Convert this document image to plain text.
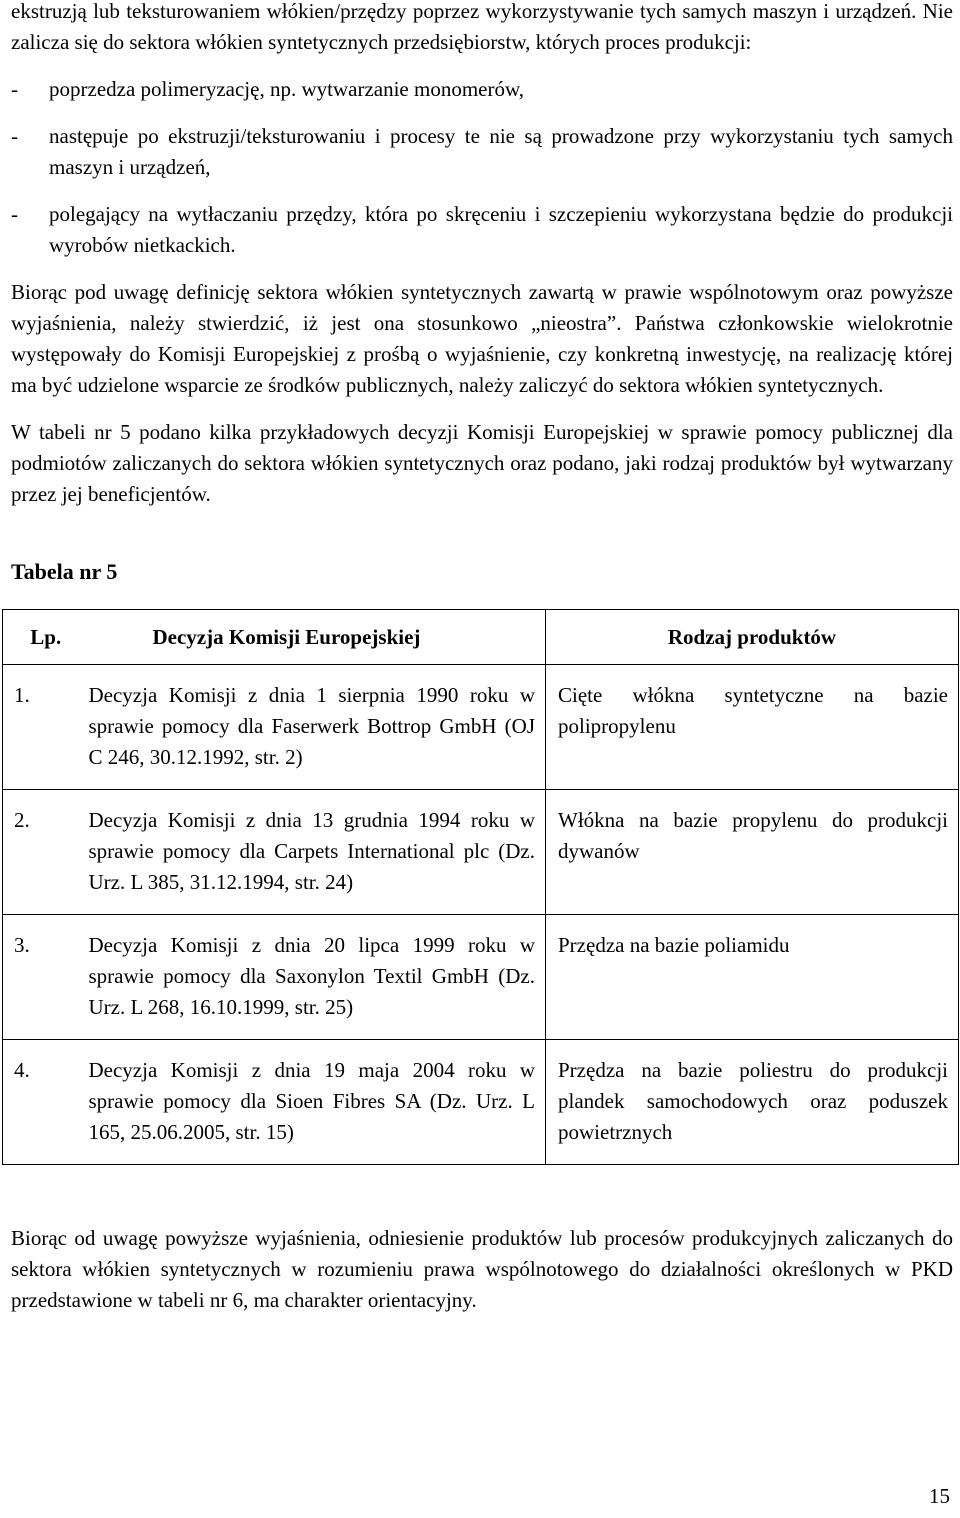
ekstruzją lub teksturowaniem włókien/przędzy poprzez wykorzystywanie tych samych maszyn i urządzeń. Nie zalicza się do sektora włókien syntetycznych przedsiębiorstw, których proces produkcji:

-	poprzedza polimeryzację, np. wytwarzanie monomerów,
-	następuje po ekstruzji/teksturowaniu i procesy te nie są prowadzone przy wykorzystaniu tych samych maszyn i urządzeń,
-	polegający na wytłaczaniu przędzy, która po skręceniu i szczepieniu wykorzystana będzie do produkcji wyrobów nietkackich.

Biorąc pod uwagę definicję sektora włókien syntetycznych zawartą w prawie wspólnotowym oraz powyższe wyjaśnienia, należy stwierdzić, iż jest ona stosunkowo „nieostra”. Państwa członkowskie wielokrotnie występowały do Komisji Europejskiej z prośbą o wyjaśnienie, czy konkretną inwestycję, na realizację której ma być udzielone wsparcie ze środków publicznych, należy zaliczyć do sektora włókien syntetycznych.

W tabeli nr 5 podano kilka przykładowych decyzji Komisji Europejskiej w sprawie pomocy publicznej dla podmiotów zaliczanych do sektora włókien syntetycznych oraz podano, jaki rodzaj produktów był wytwarzany przez jej beneficjentów.

Tabela nr 5

Lp.	Decyzja Komisji Europejskiej	Rodzaj produktów
1.	Decyzja Komisji z dnia 1 sierpnia 1990 roku w sprawie pomocy dla Faserwerk Bottrop GmbH (OJ C 246, 30.12.1992, str. 2)	Cięte włókna syntetyczne na bazie polipropylenu
2.	Decyzja Komisji z dnia 13 grudnia 1994 roku w sprawie pomocy dla Carpets International plc (Dz. Urz. L 385, 31.12.1994, str. 24)	Włókna na bazie propylenu do produkcji dywanów
3.	Decyzja Komisji z dnia 20 lipca 1999 roku w sprawie pomocy dla Saxonylon Textil GmbH (Dz. Urz. L 268, 16.10.1999, str. 25)	Przędza na bazie poliamidu
4.	Decyzja Komisji z dnia 19 maja 2004 roku w sprawie pomocy dla Sioen Fibres SA (Dz. Urz. L 165, 25.06.2005, str. 15)	Przędza na bazie poliestru do produkcji plandek samochodowych oraz poduszek powietrznych

Biorąc od uwagę powyższe wyjaśnienia, odniesienie produktów lub procesów produkcyjnych zaliczanych do sektora włókien syntetycznych w rozumieniu prawa wspólnotowego do działalności określonych w PKD przedstawione w tabeli nr 6, ma charakter orientacyjny.

15
